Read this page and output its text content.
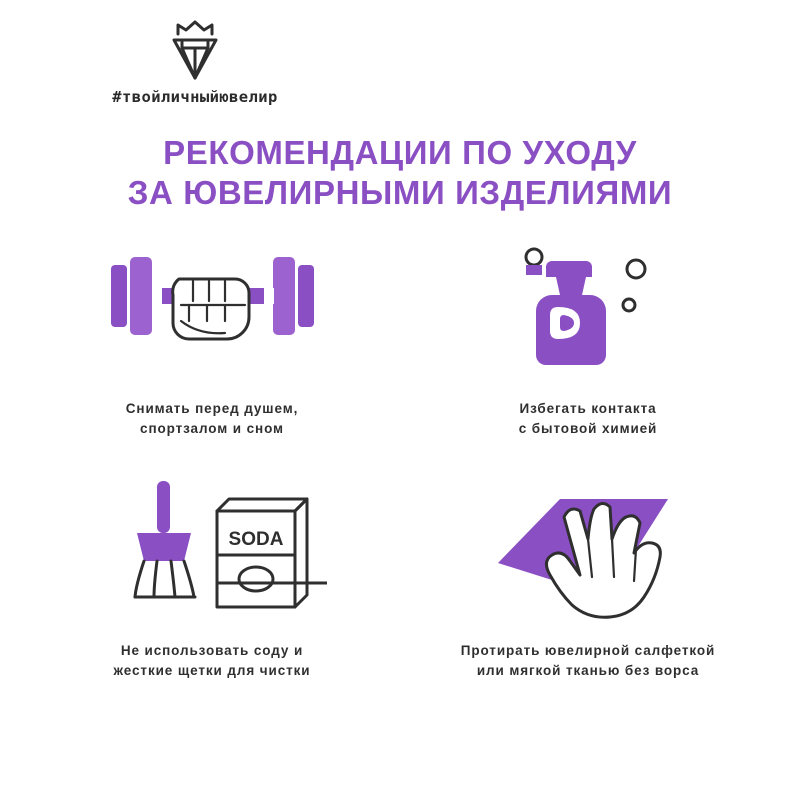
#твойличныйювелир
РЕКОМЕНДАЦИИ ПО УХОДУ
ЗА ЮВЕЛИРНЫМИ ИЗДЕЛИЯМИ
Снимать перед душем,
спортзалом и сном
Избегать контакта
с бытовой химией
SODA
Не использовать соду и
жесткие щетки для чистки
Протирать ювелирной салфеткой
или мягкой тканью без ворса
